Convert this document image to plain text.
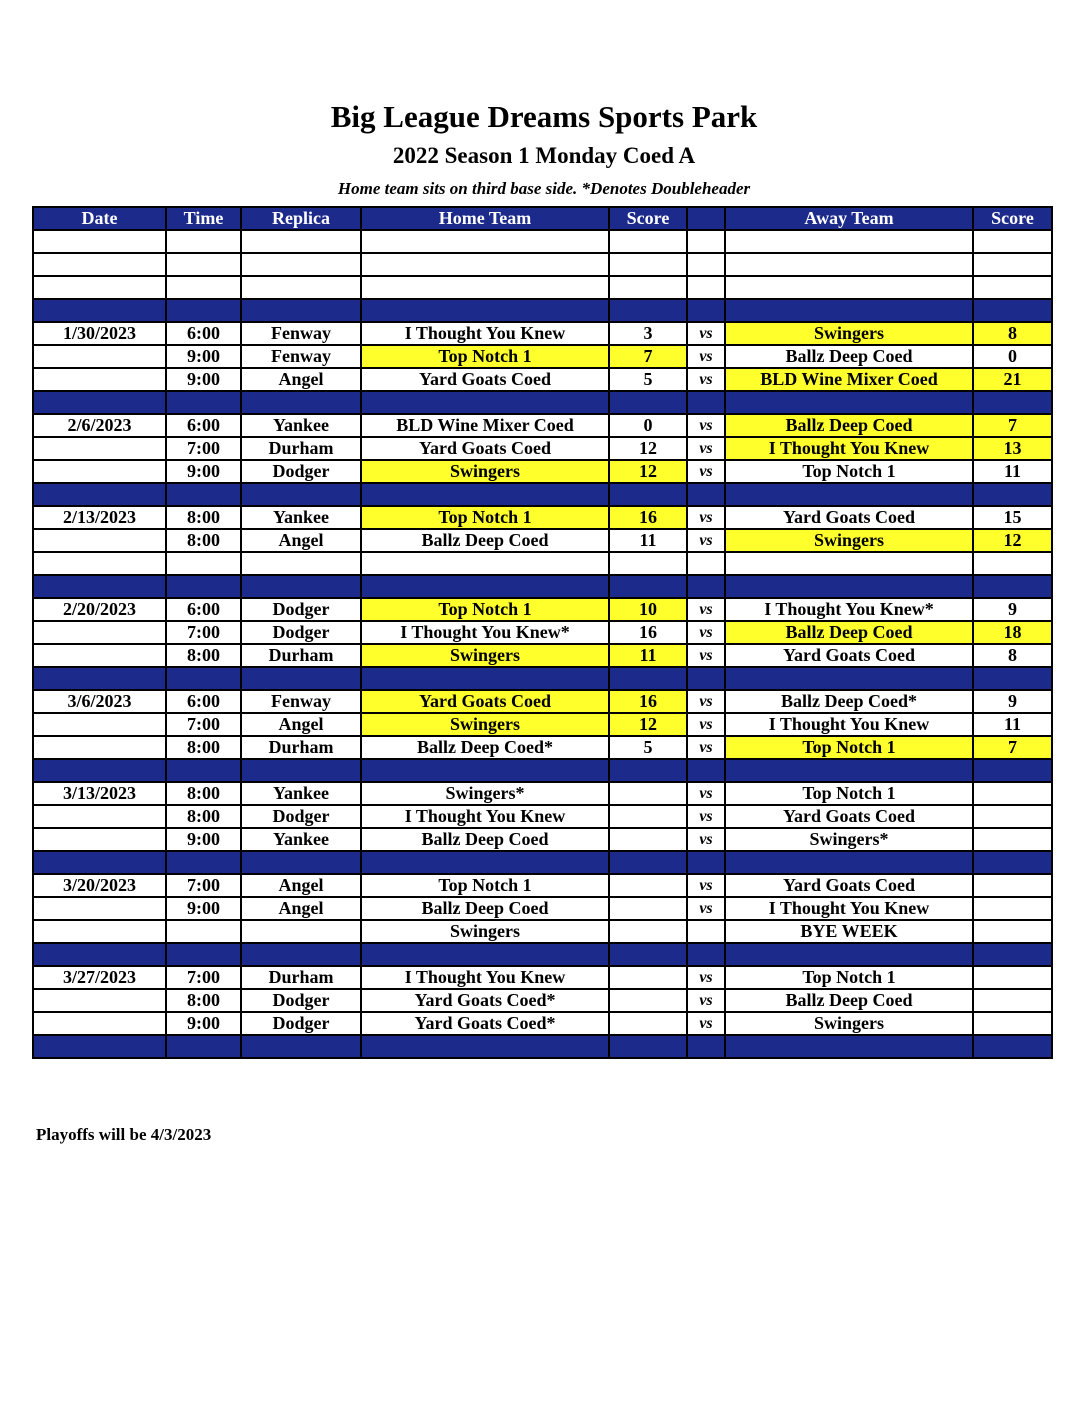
Big League Dreams Sports Park
2022 Season 1 Monday Coed A
Home team sits on third base side. *Denotes Doubleheader
Date	Time	Replica	Home Team	Score		Away Team	Score

1/30/2023	6:00	Fenway	I Thought You Knew	3	vs	Swingers	8
	9:00	Fenway	Top Notch 1	7	vs	Ballz Deep Coed	0
	9:00	Angel	Yard Goats Coed	5	vs	BLD Wine Mixer Coed	21

2/6/2023	6:00	Yankee	BLD Wine Mixer Coed	0	vs	Ballz Deep Coed	7
	7:00	Durham	Yard Goats Coed	12	vs	I Thought You Knew	13
	9:00	Dodger	Swingers	12	vs	Top Notch 1	11

2/13/2023	8:00	Yankee	Top Notch 1	16	vs	Yard Goats Coed	15
	8:00	Angel	Ballz Deep Coed	11	vs	Swingers	12

2/20/2023	6:00	Dodger	Top Notch 1	10	vs	I Thought You Knew*	9
	7:00	Dodger	I Thought You Knew*	16	vs	Ballz Deep Coed	18
	8:00	Durham	Swingers	11	vs	Yard Goats Coed	8

3/6/2023	6:00	Fenway	Yard Goats Coed	16	vs	Ballz Deep Coed*	9
	7:00	Angel	Swingers	12	vs	I Thought You Knew	11
	8:00	Durham	Ballz Deep Coed*	5	vs	Top Notch 1	7

3/13/2023	8:00	Yankee	Swingers*		vs	Top Notch 1	
	8:00	Dodger	I Thought You Knew		vs	Yard Goats Coed	
	9:00	Yankee	Ballz Deep Coed		vs	Swingers*	

3/20/2023	7:00	Angel	Top Notch 1		vs	Yard Goats Coed	
	9:00	Angel	Ballz Deep Coed		vs	I Thought You Knew	
			Swingers			BYE WEEK	

3/27/2023	7:00	Durham	I Thought You Knew		vs	Top Notch 1	
	8:00	Dodger	Yard Goats Coed*		vs	Ballz Deep Coed	
	9:00	Dodger	Yard Goats Coed*		vs	Swingers	

Playoffs will be 4/3/2023
